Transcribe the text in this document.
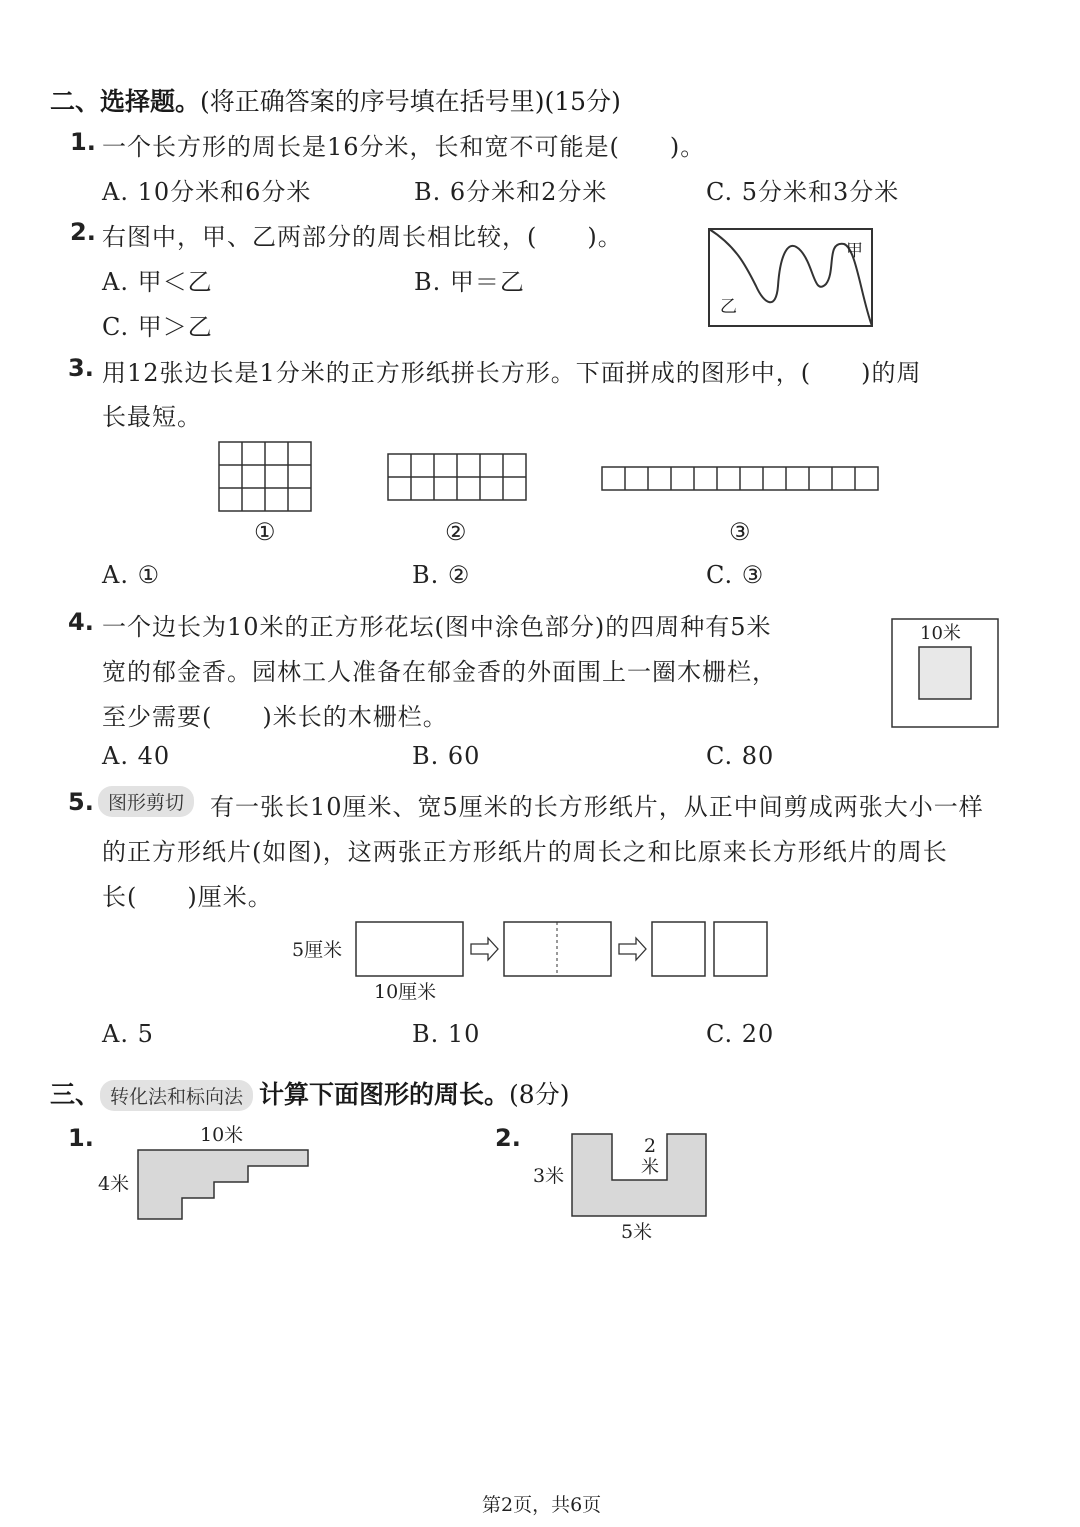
二、选择题。(将正确答案的序号填在括号里)(15分)
1. 一个长方形的周长是16分米，长和宽不可能是(　　)。
A. 10分米和6分米	B. 6分米和2分米	C. 5分米和3分米
2. 右图中，甲、乙两部分的周长相比较，(　　)。
A. 甲＜乙	B. 甲＝乙
C. 甲＞乙
甲
乙
3. 用12张边长是1分米的正方形纸拼长方形。下面拼成的图形中，(　　)的周
长最短。
①	②	③
A. ①	B. ②	C. ③
4. 一个边长为10米的正方形花坛(图中涂色部分)的四周种有5米
宽的郁金香。园林工人准备在郁金香的外面围上一圈木栅栏，
至少需要(　　)米长的木栅栏。
A. 40	B. 60	C. 80
10米
5. 图形剪切	有一张长10厘米、宽5厘米的长方形纸片，从正中间剪成两张大小一样
的正方形纸片(如图)，这两张正方形纸片的周长之和比原来长方形纸片的周长
长(　　)厘米。
5厘米
10厘米
A. 5	B. 10	C. 20
三、 转化法和标向法 计算下面图形的周长。(8分)
1.	10米
4米
2.	2
米
3米
5米
第2页，共6页
